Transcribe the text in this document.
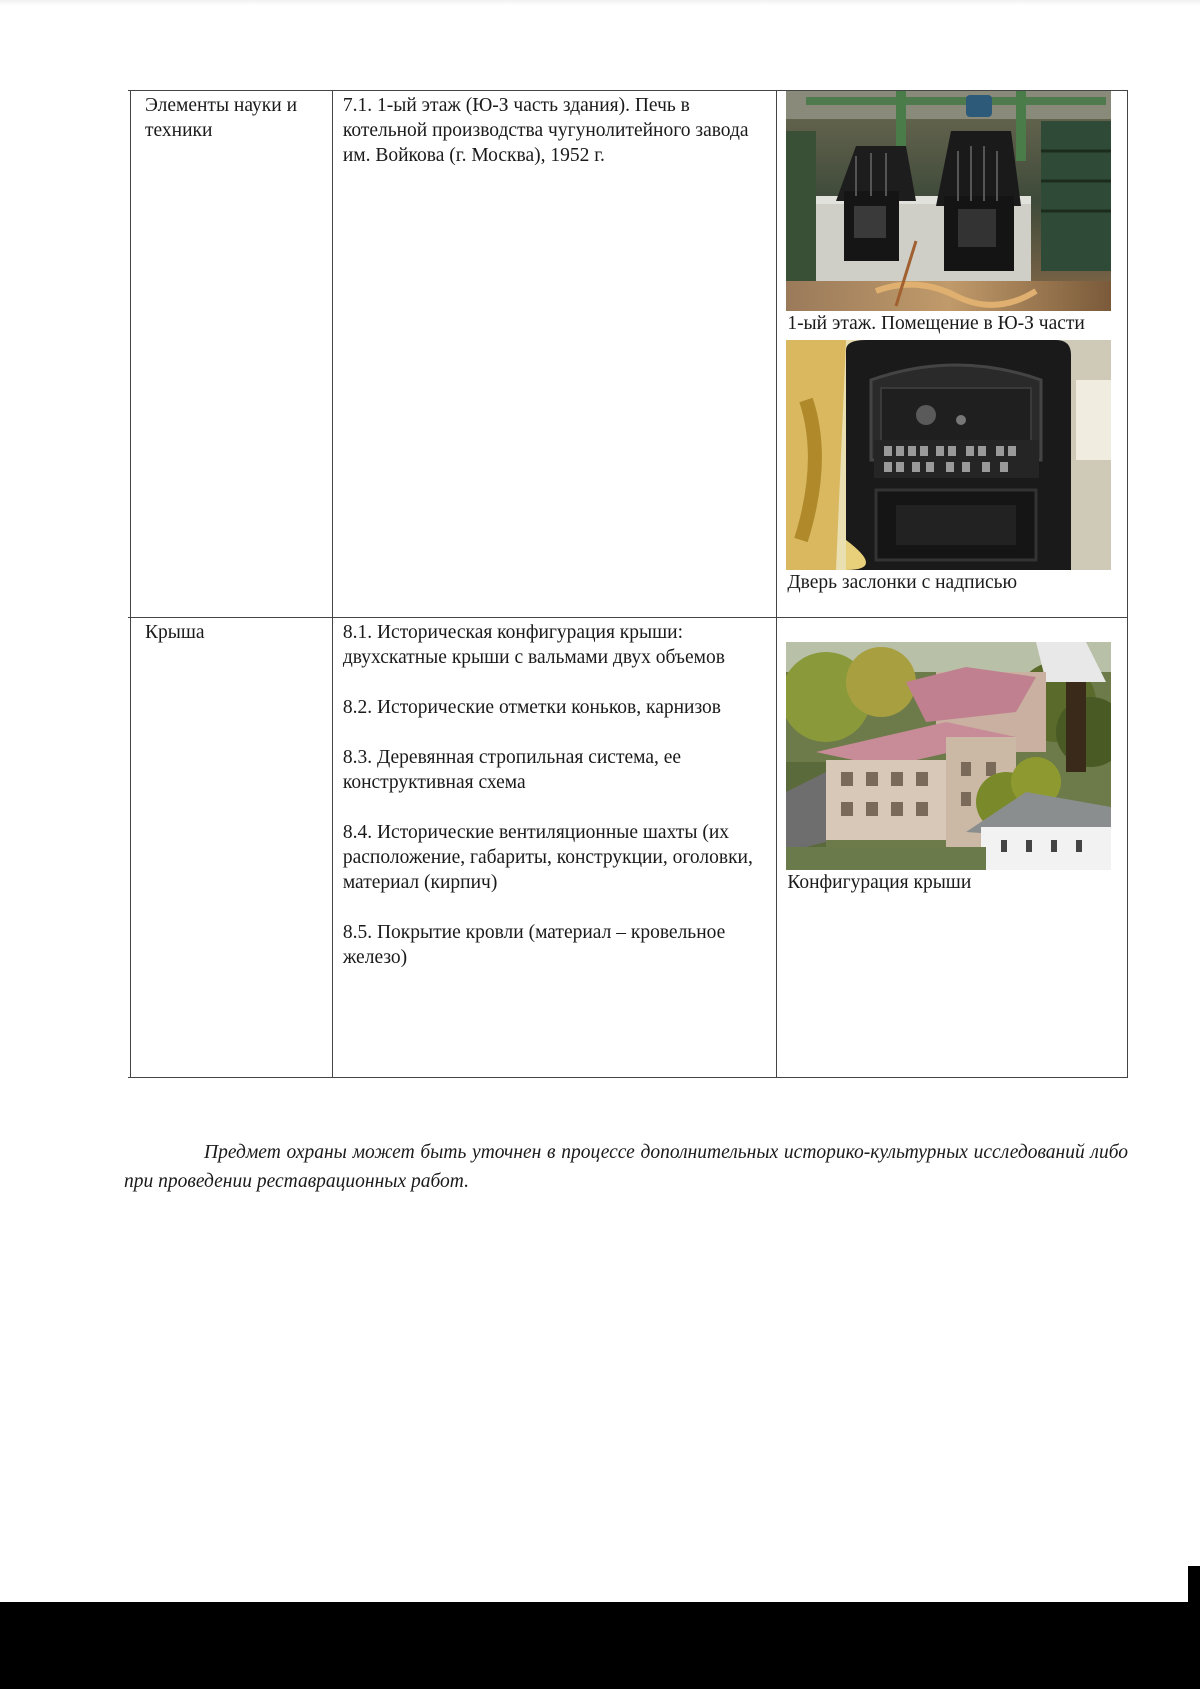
Элементы науки и техники	7.1. 1-ый этаж (Ю-З часть здания). Печь в котельной производства чугунолитейного завода им. Войкова (г. Москва), 1952 г.	1-ый этаж. Помещение в Ю-З части
Дверь заслонки с надписью

Крыша	8.1. Историческая конфигурация крыши: двухскатные крыши с вальмами двух объемов

8.2. Исторические отметки коньков, карнизов

8.3. Деревянная стропильная система, ее конструктивная схема

8.4. Исторические вентиляционные шахты (их расположение, габариты, конструкции, оголовки, материал (кирпич)

8.5. Покрытие кровли (материал – кровельное железо)	Конфигурация крыши

Предмет охраны может быть уточнен в процессе дополнительных историко-культурных исследований либо при проведении реставрационных работ.
